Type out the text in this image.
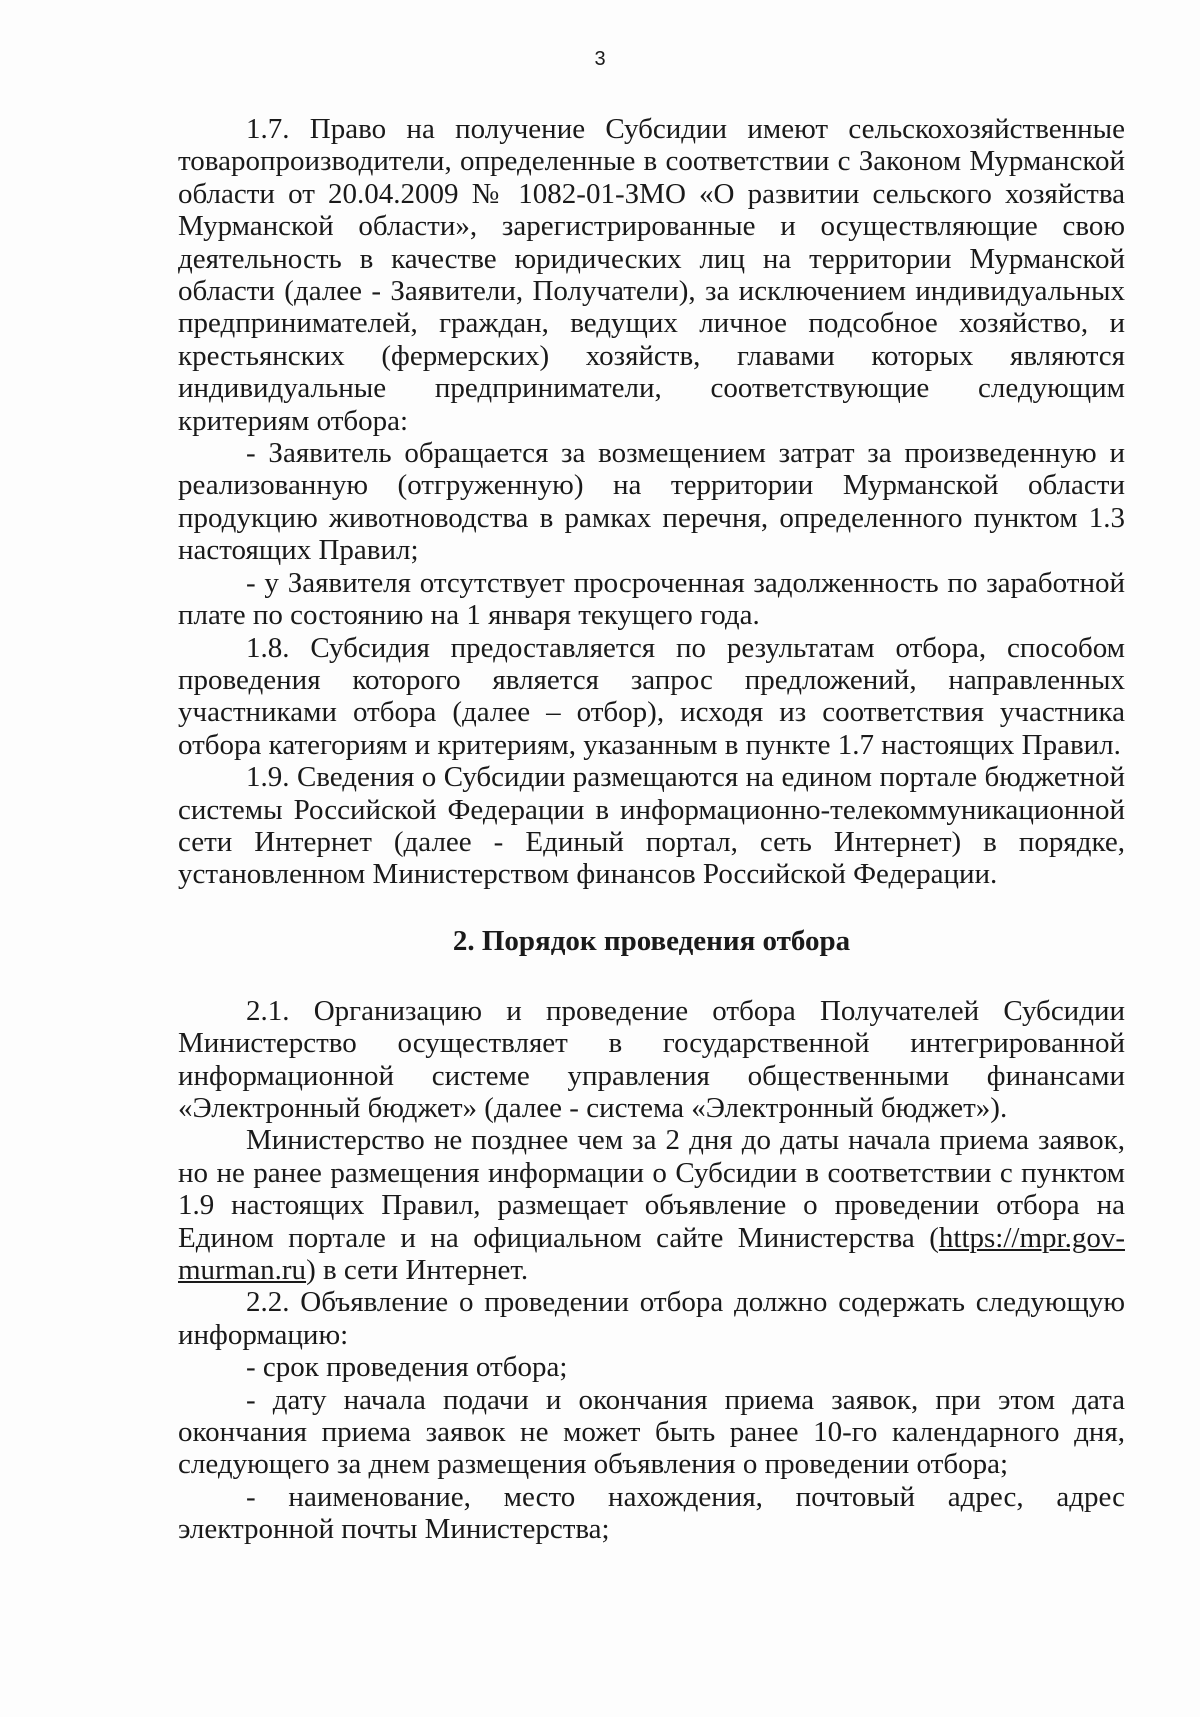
3

1.7. Право на получение Субсидии имеют сельскохозяйственные товаропроизводители, определенные в соответствии с Законом Мурманской области от 20.04.2009 № 1082-01-ЗМО «О развитии сельского хозяйства Мурманской области», зарегистрированные и осуществляющие свою деятельность в качестве юридических лиц на территории Мурманской области (далее - Заявители, Получатели), за исключением индивидуальных предпринимателей, граждан, ведущих личное подсобное хозяйство, и крестьянских (фермерских) хозяйств, главами которых являются индивидуальные предприниматели, соответствующие следующим критериям отбора:

- Заявитель обращается за возмещением затрат за произведенную и реализованную (отгруженную) на территории Мурманской области продукцию животноводства в рамках перечня, определенного пунктом 1.3 настоящих Правил;

- у Заявителя отсутствует просроченная задолженность по заработной плате по состоянию на 1 января текущего года.

1.8. Субсидия предоставляется по результатам отбора, способом проведения которого является запрос предложений, направленных участниками отбора (далее – отбор), исходя из соответствия участника отбора категориям и критериям, указанным в пункте 1.7 настоящих Правил.

1.9. Сведения о Субсидии размещаются на едином портале бюджетной системы Российской Федерации в информационно-телекоммуникационной сети Интернет (далее - Единый портал, сеть Интернет) в порядке, установленном Министерством финансов Российской Федерации.

2. Порядок проведения отбора

2.1. Организацию и проведение отбора Получателей Субсидии Министерство осуществляет в государственной интегрированной информационной системе управления общественными финансами «Электронный бюджет» (далее - система «Электронный бюджет»).

Министерство не позднее чем за 2 дня до даты начала приема заявок, но не ранее размещения информации о Субсидии в соответствии с пунктом 1.9 настоящих Правил, размещает объявление о проведении отбора на Едином портале и на официальном сайте Министерства (https://mpr.gov-murman.ru) в сети Интернет.

2.2. Объявление о проведении отбора должно содержать следующую информацию:

- срок проведения отбора;

- дату начала подачи и окончания приема заявок, при этом дата окончания приема заявок не может быть ранее 10-го календарного дня, следующего за днем размещения объявления о проведении отбора;

- наименование, место нахождения, почтовый адрес, адрес электронной почты Министерства;
